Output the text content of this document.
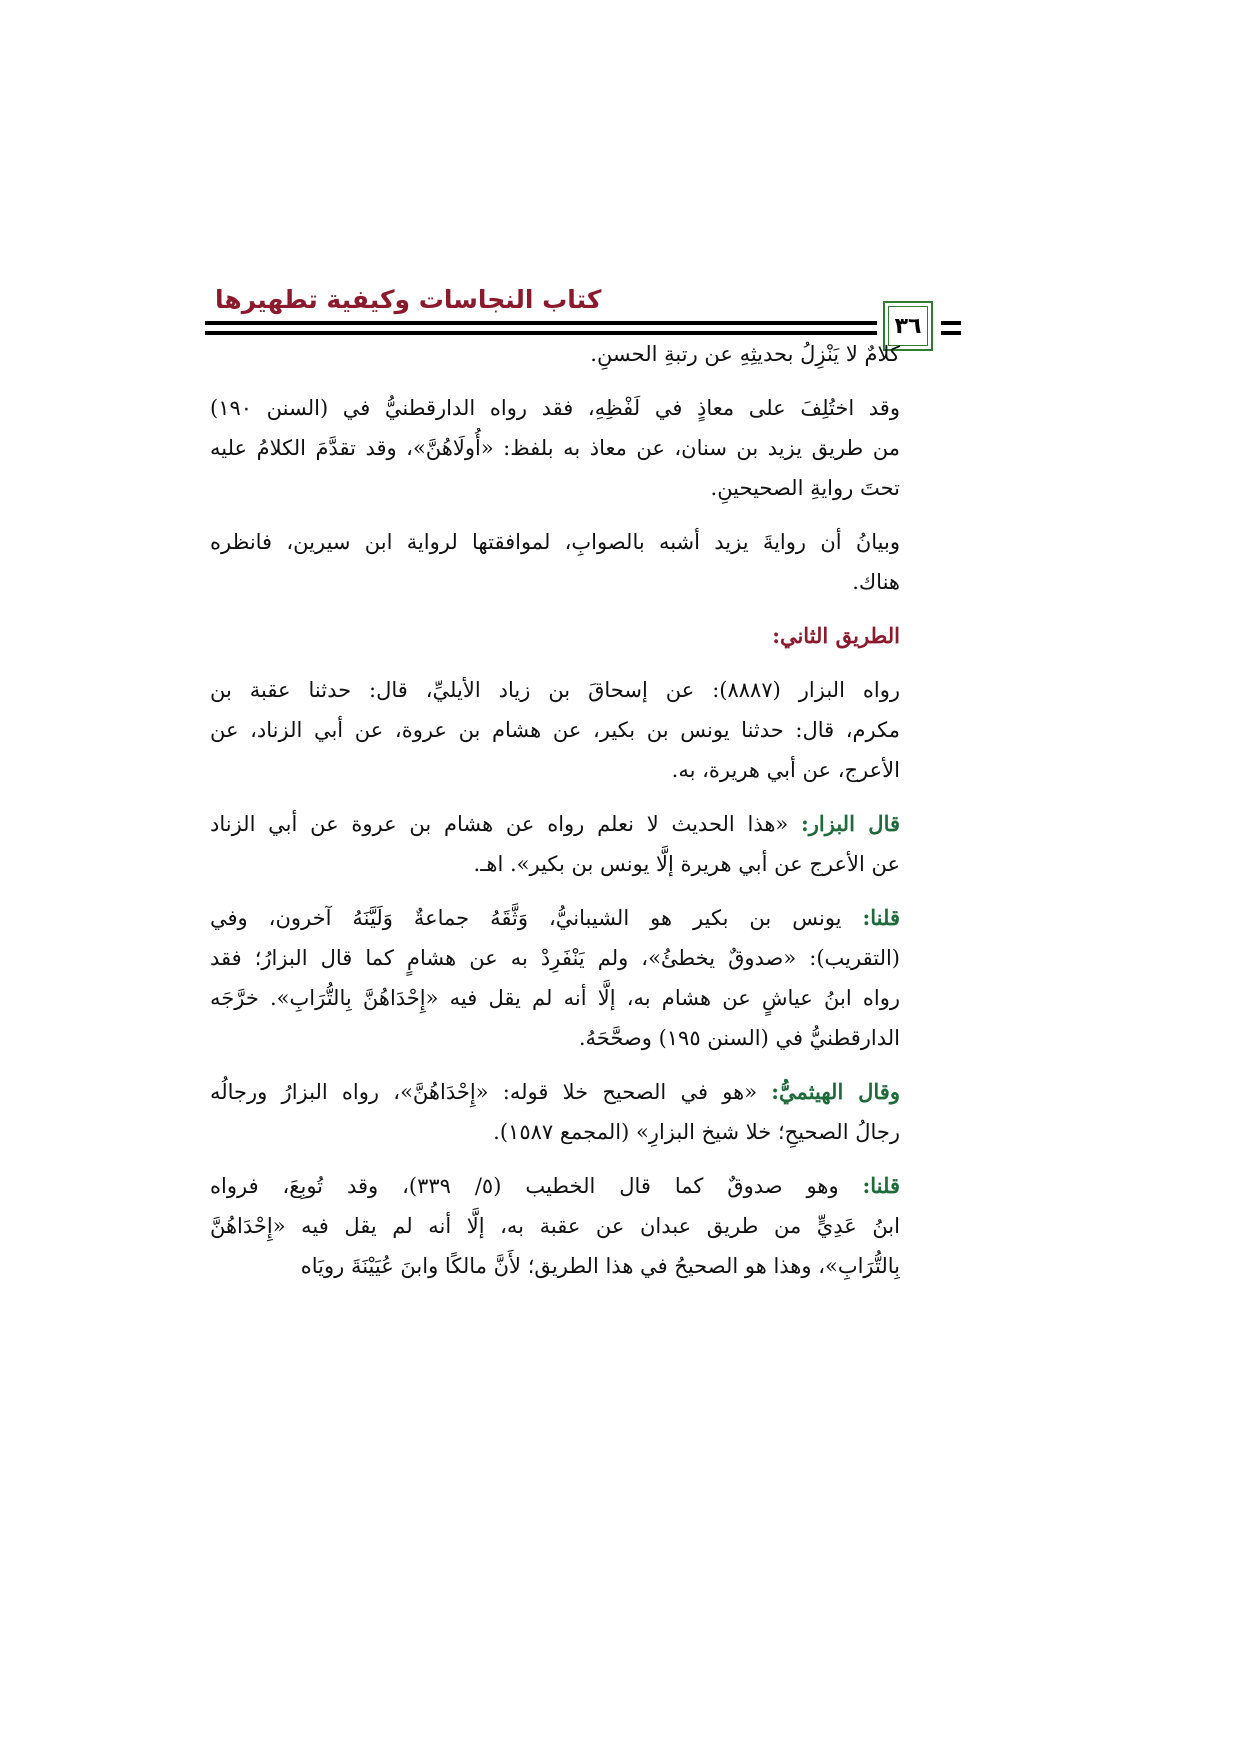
كتاب النجاسات وكيفية تطهيرها
٣٦
كلامٌ لا يَنْزِلُ بحديثِهِ عن رتبةِ الحسنِ.
وقد اختُلِفَ على معاذٍ في لَفْظِهِ، فقد رواه الدارقطنيُّ في (السنن ١٩٠)
من طريق يزيد بن سنان، عن معاذ به بلفظ: «أُولَاهُنَّ»، وقد تقدَّمَ الكلامُ عليه
تحتَ روايةِ الصحيحينِ.
وبيانُ أن روايةَ يزيد أشبه بالصوابِ، لموافقتها لرواية ابن سيرين، فانظره
هناك.
الطريق الثاني:
رواه البزار (٨٨٨٧): عن إسحاقَ بن زياد الأيليِّ، قال: حدثنا عقبة بن
مكرم، قال: حدثنا يونس بن بكير، عن هشام بن عروة، عن أبي الزناد، عن
الأعرج، عن أبي هريرة، به.
قال البزار: «هذا الحديث لا نعلم رواه عن هشام بن عروة عن أبي الزناد
عن الأعرج عن أبي هريرة إلَّا يونس بن بكير». اهـ.
قلنا: يونس بن بكير هو الشيبانيُّ، وَثَّقَهُ جماعةٌ وَلَيَّنَهُ آخرون، وفي
(التقريب): «صدوقٌ يخطئُ»، ولم يَنْفَرِدْ به عن هشامٍ كما قال البزارُ؛ فقد
رواه ابنُ عياشٍ عن هشام به، إلَّا أنه لم يقل فيه «إِحْدَاهُنَّ بِالتُّرَابِ». خرَّجَه
الدارقطنيُّ في (السنن ١٩٥) وصحَّحَهُ.
وقال الهيثميُّ: «هو في الصحيح خلا قوله: «إِحْدَاهُنَّ»، رواه البزارُ ورجالُه
رجالُ الصحيحِ؛ خلا شيخ البزارِ» (المجمع ١٥٨٧).
قلنا: وهو صدوقٌ كما قال الخطيب (٥/ ٣٣٩)، وقد تُوبِعَ، فرواه
ابنُ عَدِيٍّ من طريق عبدان عن عقبة به، إلَّا أنه لم يقل فيه «إِحْدَاهُنَّ
بِالتُّرَابِ»، وهذا هو الصحيحُ في هذا الطريق؛ لأَنَّ مالكًا وابنَ عُيَيْنَةَ رويَاه
